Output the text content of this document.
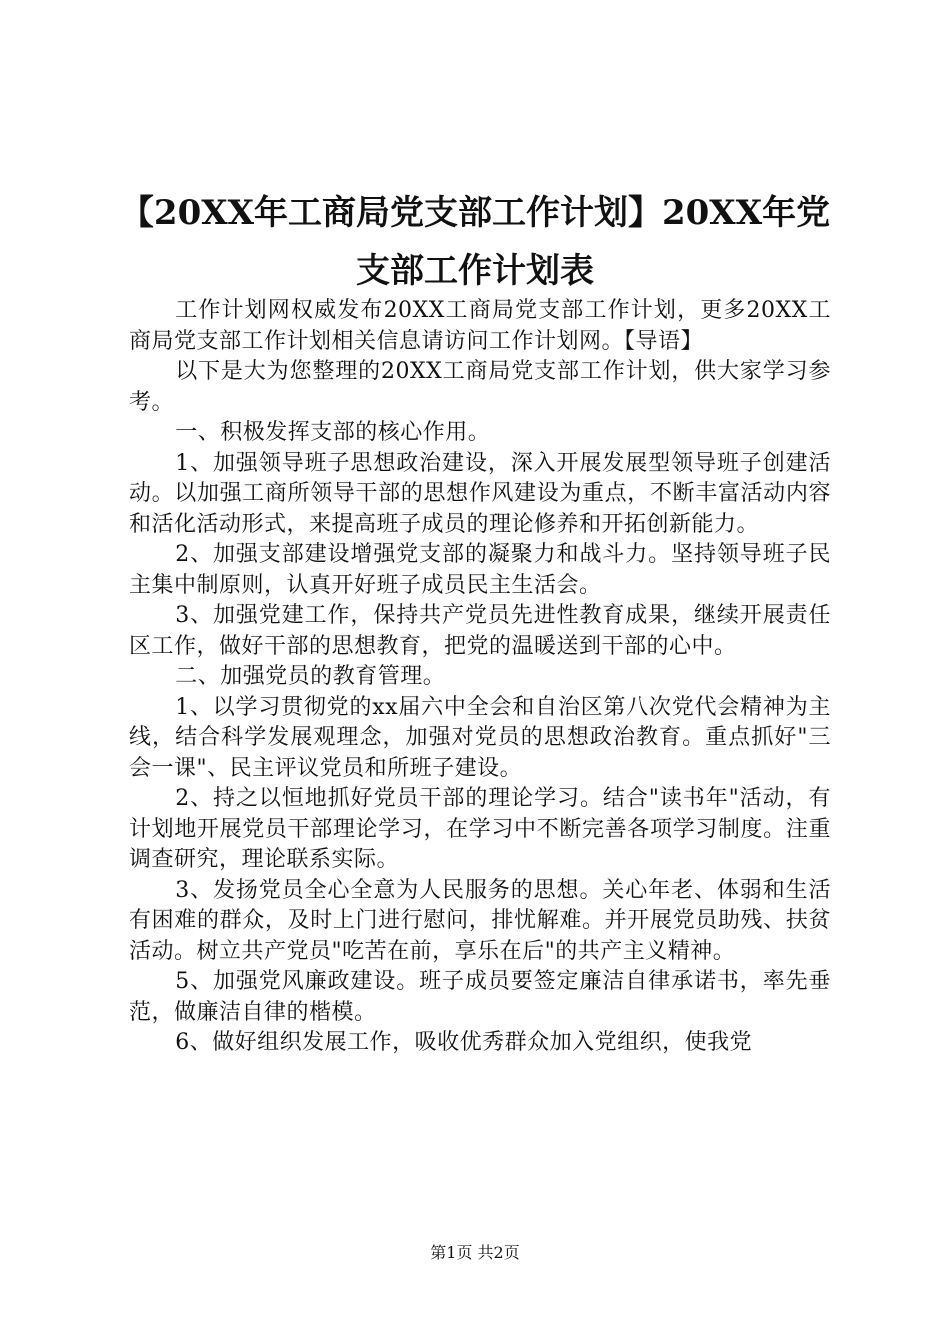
【20XX年工商局党支部工作计划】20XX年党支部工作计划表

工作计划网权威发布20XX工商局党支部工作计划，更多20XX工商局党支部工作计划相关信息请访问工作计划网。【导语】

以下是大为您整理的20XX工商局党支部工作计划，供大家学习参考。

一、积极发挥支部的核心作用。

1、加强领导班子思想政治建设，深入开展发展型领导班子创建活动。以加强工商所领导干部的思想作风建设为重点，不断丰富活动内容和活化活动形式，来提高班子成员的理论修养和开拓创新能力。

2、加强支部建设增强党支部的凝聚力和战斗力。坚持领导班子民主集中制原则，认真开好班子成员民主生活会。

3、加强党建工作，保持共产党员先进性教育成果，继续开展责任区工作，做好干部的思想教育，把党的温暖送到干部的心中。

二、加强党员的教育管理。

1、以学习贯彻党的xx届六中全会和自治区第八次党代会精神为主线，结合科学发展观理念，加强对党员的思想政治教育。重点抓好"三会一课"、民主评议党员和所班子建设。

2、持之以恒地抓好党员干部的理论学习。结合"读书年"活动，有计划地开展党员干部理论学习，在学习中不断完善各项学习制度。注重调查研究，理论联系实际。

3、发扬党员全心全意为人民服务的思想。关心年老、体弱和生活有困难的群众，及时上门进行慰问，排忧解难。并开展党员助残、扶贫活动。树立共产党员"吃苦在前，享乐在后"的共产主义精神。

5、加强党风廉政建设。班子成员要签定廉洁自律承诺书，率先垂范，做廉洁自律的楷模。

6、做好组织发展工作，吸收优秀群众加入党组织，使我党

第1页 共2页
